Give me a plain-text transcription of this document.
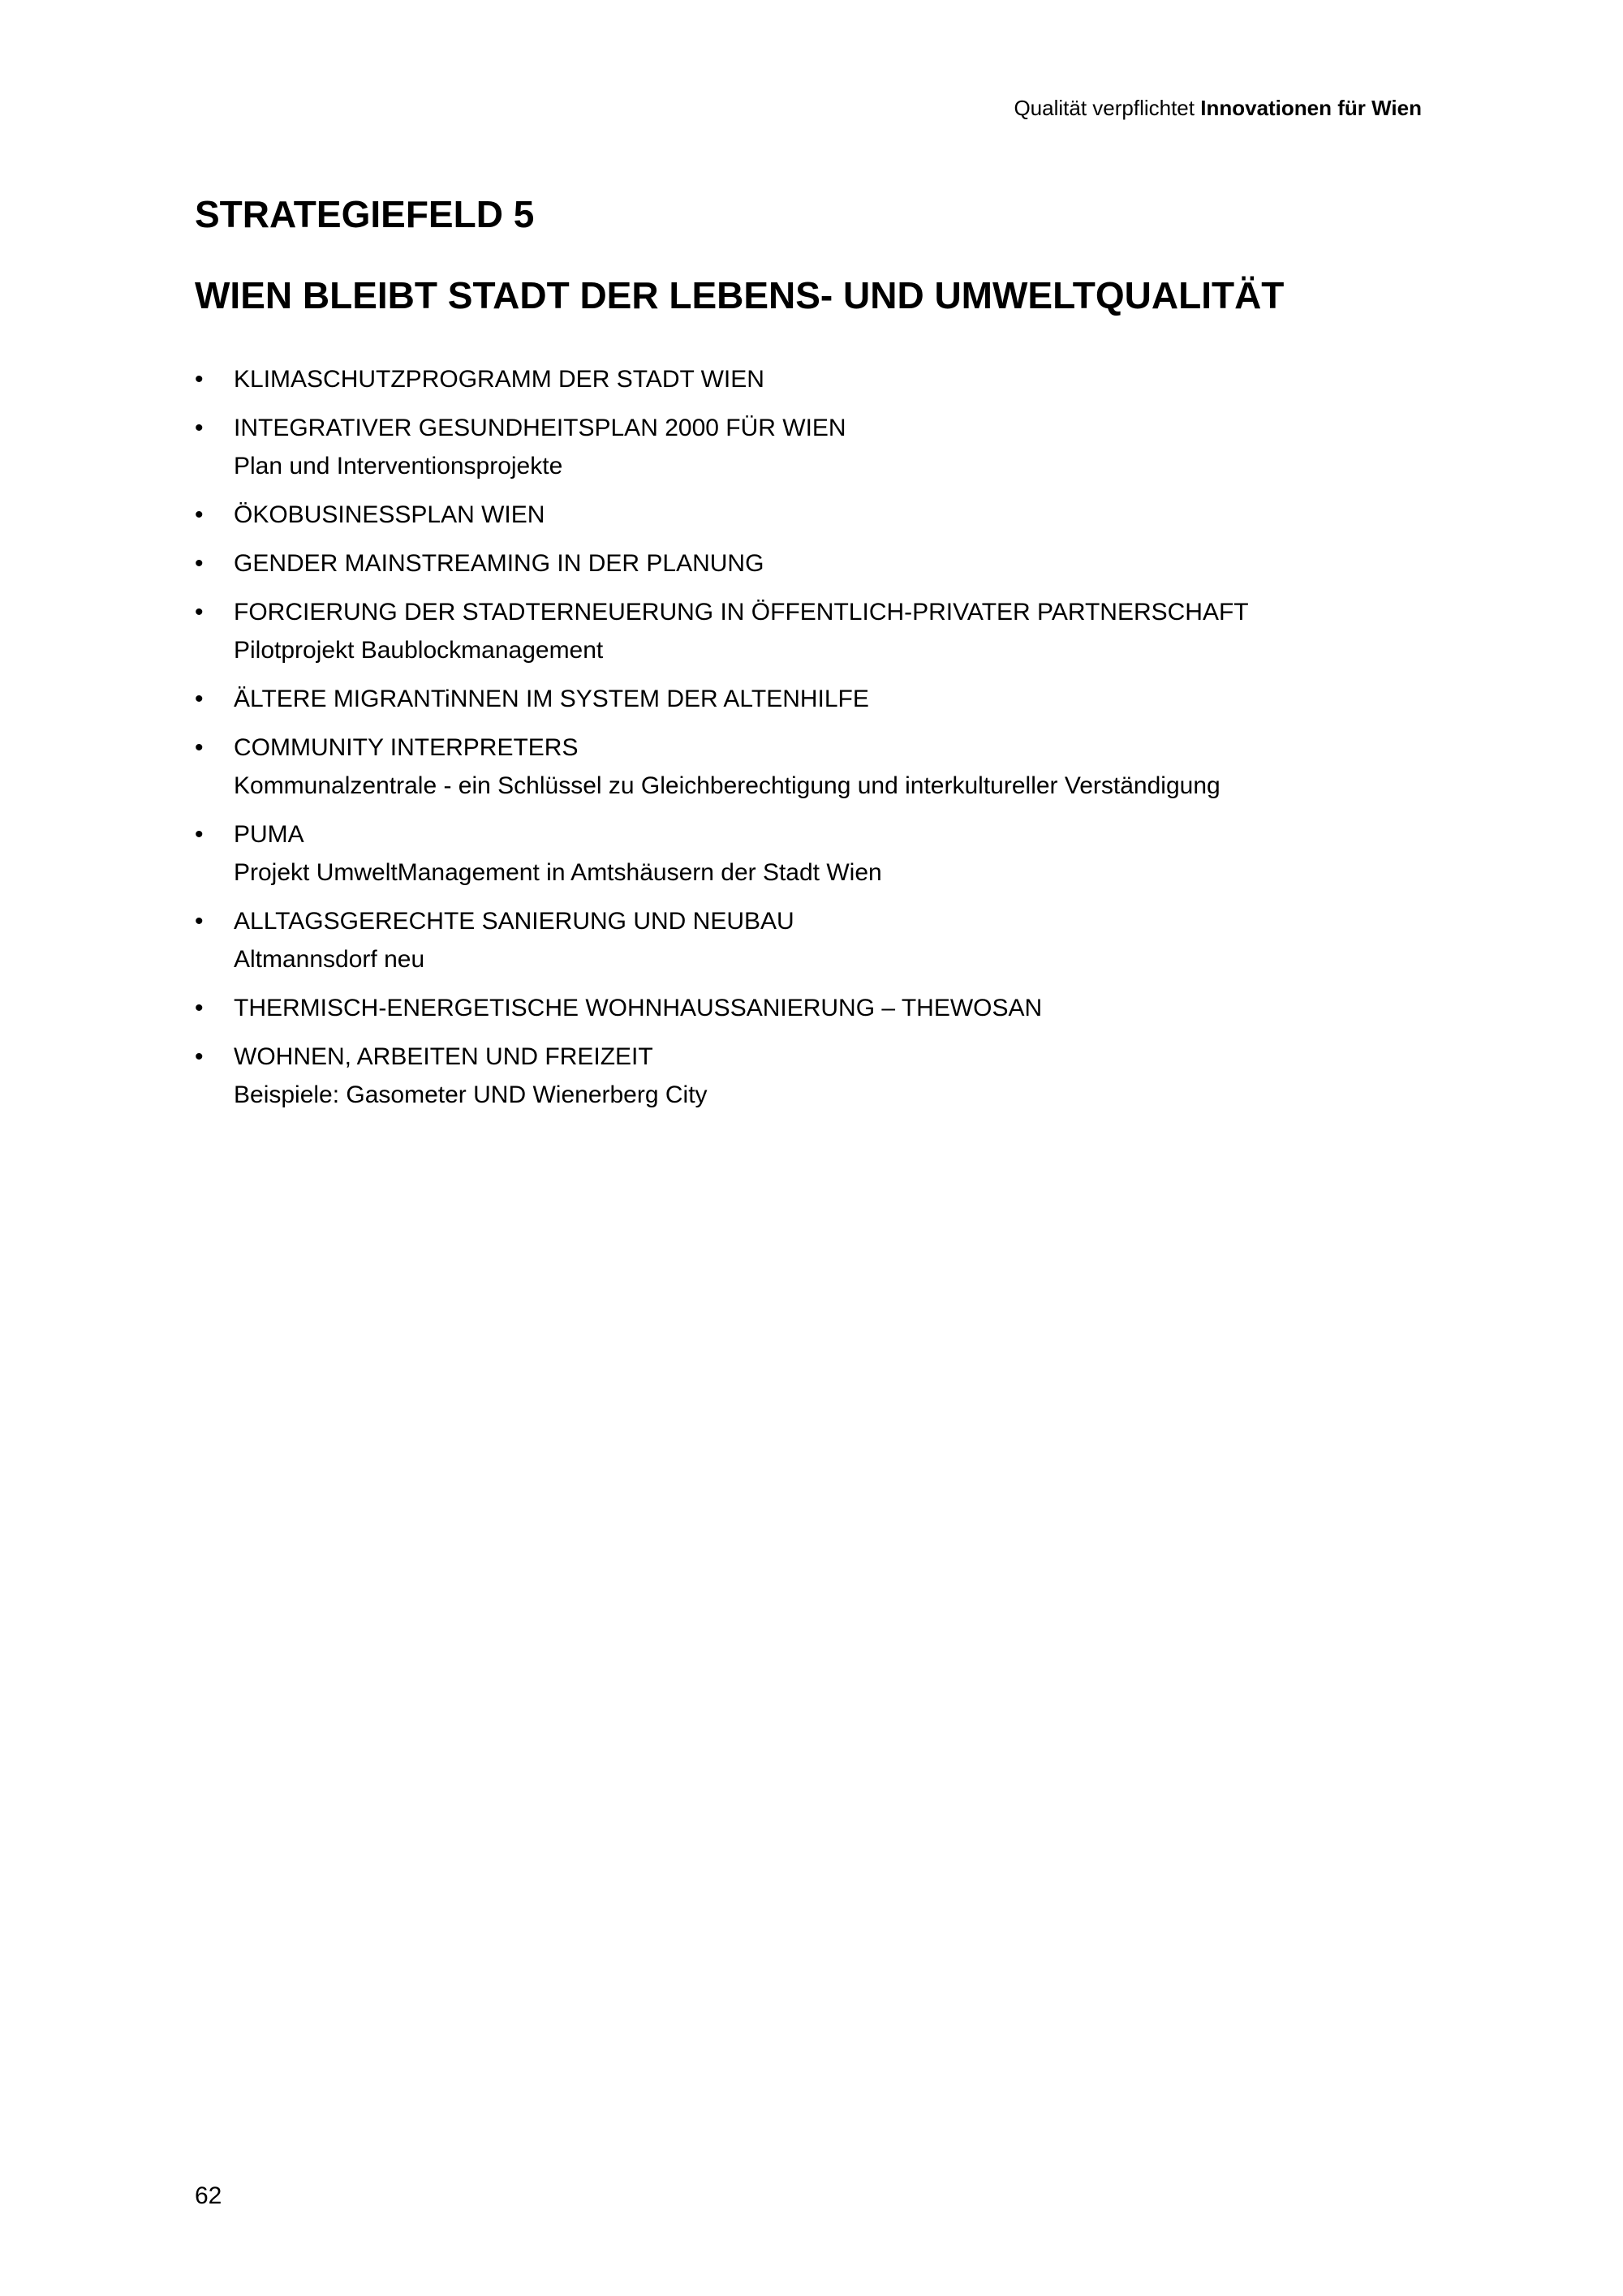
Qualität verpflichtet Innovationen für Wien
STRATEGIEFELD 5
WIEN BLEIBT STADT DER LEBENS- UND UMWELTQUALITÄT
• KLIMASCHUTZPROGRAMM DER STADT WIEN
• INTEGRATIVER GESUNDHEITSPLAN 2000 FÜR WIEN
Plan und Interventionsprojekte
• ÖKOBUSINESSPLAN WIEN
• GENDER MAINSTREAMING IN DER PLANUNG
• FORCIERUNG DER STADTERNEUERUNG IN ÖFFENTLICH-PRIVATER PARTNERSCHAFT
Pilotprojekt Baublockmanagement
• ÄLTERE MIGRANTiNNEN IM SYSTEM DER ALTENHILFE
• COMMUNITY INTERPRETERS
Kommunalzentrale - ein Schlüssel zu Gleichberechtigung und interkultureller Verständigung
• PUMA
Projekt UmweltManagement in Amtshäusern der Stadt Wien
• ALLTAGSGERECHTE SANIERUNG UND NEUBAU
Altmannsdorf neu
• THERMISCH-ENERGETISCHE WOHNHAUSSANIERUNG – THEWOSAN
• WOHNEN, ARBEITEN UND FREIZEIT
Beispiele: Gasometer UND Wienerberg City
62
